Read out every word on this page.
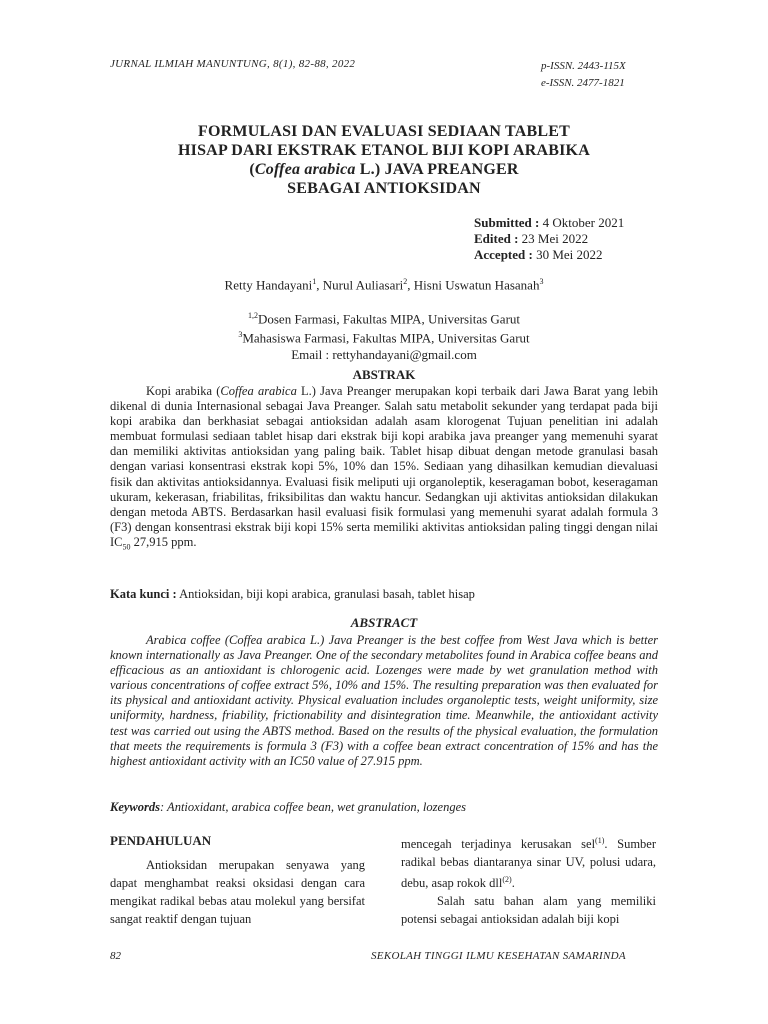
JURNAL ILMIAH MANUNTUNG, 8(1), 82-88, 2022	p-ISSN. 2443-115X
e-ISSN. 2477-1821
FORMULASI DAN EVALUASI SEDIAAN TABLET
HISAP DARI EKSTRAK ETANOL BIJI KOPI ARABIKA
(Coffea arabica L.) JAVA PREANGER
SEBAGAI ANTIOKSIDAN
Submitted : 4 Oktober 2021
Edited : 23 Mei 2022
Accepted : 30 Mei 2022
Retty Handayani$^1$, Nurul Auliasari$^2$, Hisni Uswatun Hasanah$^3$
$^{1,2}$Dosen Farmasi, Fakultas MIPA, Universitas Garut
$^3$Mahasiswa Farmasi, Fakultas MIPA, Universitas Garut
Email : rettyhandayani@gmail.com
ABSTRAK
Kopi arabika (Coffea arabica L.) Java Preanger merupakan kopi terbaik dari Jawa Barat yang lebih dikenal di dunia Internasional sebagai Java Preanger. Salah satu metabolit sekunder yang terdapat pada biji kopi arabika dan berkhasiat sebagai antioksidan adalah asam klorogenat Tujuan penelitian ini adalah membuat formulasi sediaan tablet hisap dari ekstrak biji kopi arabika java preanger yang memenuhi syarat dan memiliki aktivitas antioksidan yang paling baik. Tablet hisap dibuat dengan metode granulasi basah dengan variasi konsentrasi ekstrak kopi 5%, 10% dan 15%. Sediaan yang dihasilkan kemudian dievaluasi fisik dan aktivitas antioksidannya. Evaluasi fisik meliputi uji organoleptik, keseragaman bobot, keseragaman ukuram, kekerasan, friabilitas, friksibilitas dan waktu hancur. Sedangkan uji aktivitas antioksidan dilakukan dengan metoda ABTS. Berdasarkan hasil evaluasi fisik formulasi yang memenuhi syarat adalah formula 3 (F3) dengan konsentrasi ekstrak biji kopi 15% serta memiliki aktivitas antioksidan paling tinggi dengan nilai $IC_{50}$ 27,915 ppm.
Kata kunci : Antioksidan, biji kopi arabica, granulasi basah, tablet hisap
ABSTRACT
Arabica coffee (Coffea arabica L.) Java Preanger is the best coffee from West Java which is better known internationally as Java Preanger. One of the secondary metabolites found in Arabica coffee beans and efficacious as an antioxidant is chlorogenic acid. Lozenges were made by wet granulation method with various concentrations of coffee extract 5%, 10% and 15%. The resulting preparation was then evaluated for its physical and antioxidant activity. Physical evaluation includes organoleptic tests, weight uniformity, size uniformity, hardness, friability, frictionability and disintegration time. Meanwhile, the antioxidant activity test was carried out using the ABTS method. Based on the results of the physical evaluation, the formulation that meets the requirements is formula 3 (F3) with a coffee bean extract concentration of 15% and has the highest antioxidant activity with an IC50 value of 27.915 ppm.
Keywords: Antioxidant, arabica coffee bean, wet granulation, lozenges
PENDAHULUAN
Antioksidan merupakan senyawa yang dapat menghambat reaksi oksidasi dengan cara mengikat radikal bebas atau molekul yang bersifat sangat reaktif dengan tujuan
mencegah terjadinya kerusakan sel$^{(1)}$. Sumber radikal bebas diantaranya sinar UV, polusi udara, debu, asap rokok dll$^{(2)}$.
Salah satu bahan alam yang memiliki potensi sebagai antioksidan adalah biji kopi
82	SEKOLAH TINGGI ILMU KESEHATAN SAMARINDA
